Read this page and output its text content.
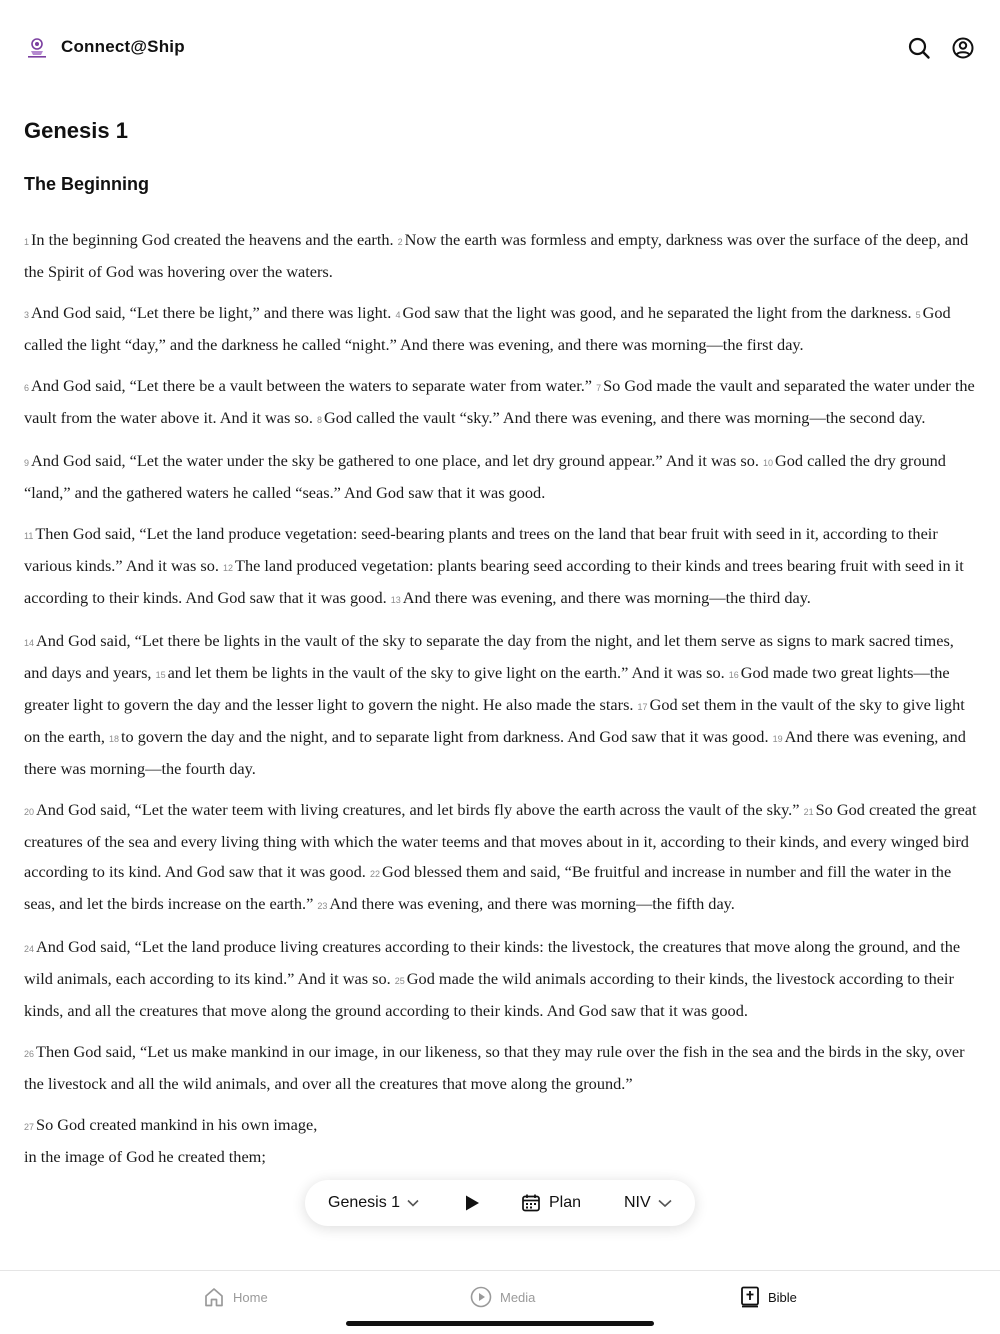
Connect@Ship
Genesis 1
The Beginning

1 In the beginning God created the heavens and the earth. 2 Now the earth was formless and empty, darkness was over the surface of the deep, and the Spirit of God was hovering over the waters.

3 And God said, “Let there be light,” and there was light. 4 God saw that the light was good, and he separated the light from the darkness. 5 God called the light “day,” and the darkness he called “night.” And there was evening, and there was morning—the first day.

6 And God said, “Let there be a vault between the waters to separate water from water.” 7 So God made the vault and separated the water under the vault from the water above it. And it was so. 8 God called the vault “sky.” And there was evening, and there was morning—the second day.

9 And God said, “Let the water under the sky be gathered to one place, and let dry ground appear.” And it was so. 10 God called the dry ground “land,” and the gathered waters he called “seas.” And God saw that it was good.

11 Then God said, “Let the land produce vegetation: seed-bearing plants and trees on the land that bear fruit with seed in it, according to their various kinds.” And it was so. 12 The land produced vegetation: plants bearing seed according to their kinds and trees bearing fruit with seed in it according to their kinds. And God saw that it was good. 13 And there was evening, and there was morning—the third day.

14 And God said, “Let there be lights in the vault of the sky to separate the day from the night, and let them serve as signs to mark sacred times, and days and years, 15 and let them be lights in the vault of the sky to give light on the earth.” And it was so. 16 God made two great lights—the greater light to govern the day and the lesser light to govern the night. He also made the stars. 17 God set them in the vault of the sky to give light on the earth, 18 to govern the day and the night, and to separate light from darkness. And God saw that it was good. 19 And there was evening, and there was morning—the fourth day.

20 And God said, “Let the water teem with living creatures, and let birds fly above the earth across the vault of the sky.” 21 So God created the great creatures of the sea and every living thing with which the water teems and that moves about in it, according to their kinds, and every winged bird according to its kind. And God saw that it was good. 22 God blessed them and said, “Be fruitful and increase in number and fill the water in the seas, and let the birds increase on the earth.” 23 And there was evening, and there was morning—the fifth day.

24 And God said, “Let the land produce living creatures according to their kinds: the livestock, the creatures that move along the ground, and the wild animals, each according to its kind.” And it was so. 25 God made the wild animals according to their kinds, the livestock according to their kinds, and all the creatures that move along the ground according to their kinds. And God saw that it was good.

26 Then God said, “Let us make mankind in our image, in our likeness, so that they may rule over the fish in the sea and the birds in the sky, over the livestock and all the wild animals, and over all the creatures that move along the ground.”

27 So God created mankind in his own image,
in the image of God he created them;
Genesis 1	Plan	NIV
Home	Media	Bible
